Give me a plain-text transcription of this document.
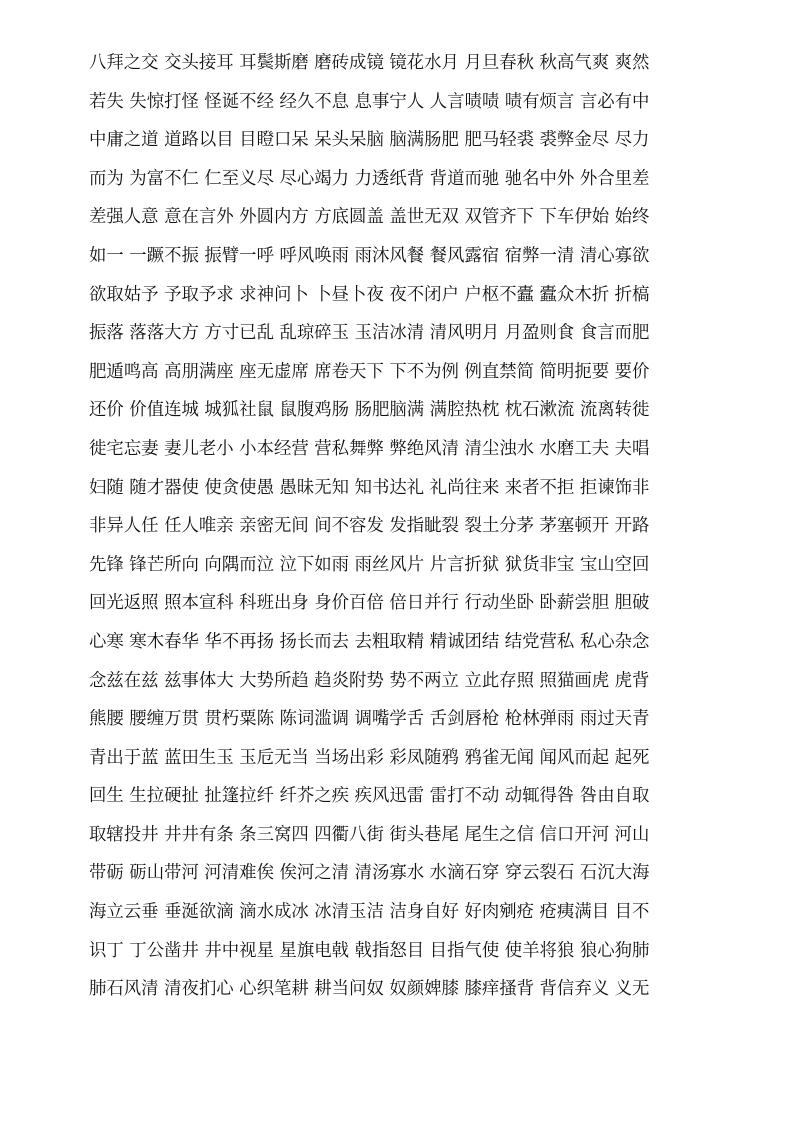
八拜之交 交头接耳 耳鬓斯磨 磨砖成镜 镜花水月 月旦春秋 秋高气爽 爽然
若失 失惊打怪 怪诞不经 经久不息 息事宁人 人言啧啧 啧有烦言 言必有中
中庸之道 道路以目 目瞪口呆 呆头呆脑 脑满肠肥 肥马轻裘 裘弊金尽 尽力
而为 为富不仁 仁至义尽 尽心竭力 力透纸背 背道而驰 驰名中外 外合里差
差强人意 意在言外 外圆内方 方底圆盖 盖世无双 双管齐下 下车伊始 始终
如一 一蹶不振 振臂一呼 呼风唤雨 雨沐风餐 餐风露宿 宿弊一清 清心寡欲
欲取姑予 予取予求 求神问卜 卜昼卜夜 夜不闭户 户枢不蠹 蠹众木折 折槁
振落 落落大方 方寸已乱 乱琼碎玉 玉洁冰清 清风明月 月盈则食 食言而肥
肥遁鸣高 高朋满座 座无虚席 席卷天下 下不为例 例直禁简 简明扼要 要价
还价 价值连城 城狐社鼠 鼠腹鸡肠 肠肥脑满 满腔热枕 枕石漱流 流离转徙
徙宅忘妻 妻儿老小 小本经营 营私舞弊 弊绝风清 清尘浊水 水磨工夫 夫唱
妇随 随才器使 使贪使愚 愚昧无知 知书达礼 礼尚往来 来者不拒 拒谏饰非
非异人任 任人唯亲 亲密无间 间不容发 发指眦裂 裂土分茅 茅塞顿开 开路
先锋 锋芒所向 向隅而泣 泣下如雨 雨丝风片 片言折狱 狱货非宝 宝山空回
回光返照 照本宣科 科班出身 身价百倍 倍日并行 行动坐卧 卧薪尝胆 胆破
心寒 寒木春华 华不再扬 扬长而去 去粗取精 精诚团结 结党营私 私心杂念
念兹在兹 兹事体大 大势所趋 趋炎附势 势不两立 立此存照 照猫画虎 虎背
熊腰 腰缠万贯 贯朽粟陈 陈词滥调 调嘴学舌 舌剑唇枪 枪林弹雨 雨过天青
青出于蓝 蓝田生玉 玉卮无当 当场出彩 彩凤随鸦 鸦雀无闻 闻风而起 起死
回生 生拉硬扯 扯篷拉纤 纤芥之疾 疾风迅雷 雷打不动 动辄得咎 咎由自取
取辖投井 井井有条 条三窝四 四衢八街 街头巷尾 尾生之信 信口开河 河山
带砺 砺山带河 河清难俟 俟河之清 清汤寡水 水滴石穿 穿云裂石 石沉大海
海立云垂 垂涎欲滴 滴水成冰 冰清玉洁 洁身自好 好肉剜疮 疮痍满目 目不
识丁 丁公凿井 井中视星 星旗电戟 戟指怒目 目指气使 使羊将狼 狼心狗肺
肺石风清 清夜扪心 心织笔耕 耕当问奴 奴颜婢膝 膝痒搔背 背信弃义 义无
